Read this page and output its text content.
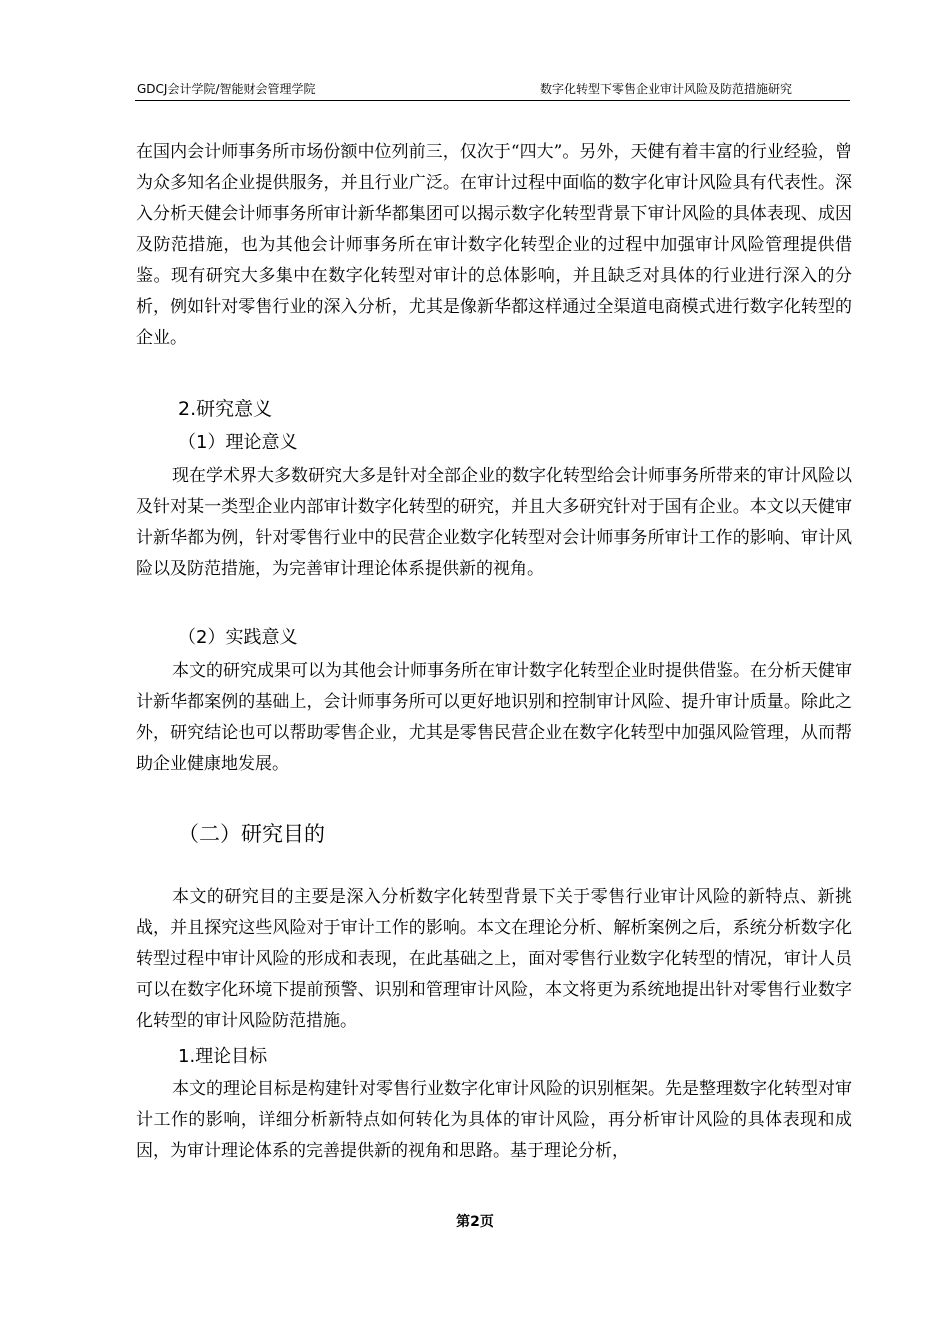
GDCJ会计学院/智能财会管理学院	数字化转型下零售企业审计风险及防范措施研究

在国内会计师事务所市场份额中位列前三，仅次于“四大”。另外，天健有着丰富的行业经验，曾为众多知名企业提供服务，并且行业广泛。在审计过程中面临的数字化审计风险具有代表性。深入分析天健会计师事务所审计新华都集团可以揭示数字化转型背景下审计风险的具体表现、成因及防范措施，也为其他会计师事务所在审计数字化转型企业的过程中加强审计风险管理提供借鉴。现有研究大多集中在数字化转型对审计的总体影响，并且缺乏对具体的行业进行深入的分析，例如针对零售行业的深入分析，尤其是像新华都这样通过全渠道电商模式进行数字化转型的企业。

2.研究意义
（1）理论意义

现在学术界大多数研究大多是针对全部企业的数字化转型给会计师事务所带来的审计风险以及针对某一类型企业内部审计数字化转型的研究，并且大多研究针对于国有企业。本文以天健审计新华都为例，针对零售行业中的民营企业数字化转型对会计师事务所审计工作的影响、审计风险以及防范措施，为完善审计理论体系提供新的视角。

（2）实践意义

本文的研究成果可以为其他会计师事务所在审计数字化转型企业时提供借鉴。在分析天健审计新华都案例的基础上，会计师事务所可以更好地识别和控制审计风险、提升审计质量。除此之外，研究结论也可以帮助零售企业，尤其是零售民营企业在数字化转型中加强风险管理，从而帮助企业健康地发展。

（二）研究目的

本文的研究目的主要是深入分析数字化转型背景下关于零售行业审计风险的新特点、新挑战，并且探究这些风险对于审计工作的影响。本文在理论分析、解析案例之后，系统分析数字化转型过程中审计风险的形成和表现，在此基础之上，面对零售行业数字化转型的情况，审计人员可以在数字化环境下提前预警、识别和管理审计风险，本文将更为系统地提出针对零售行业数字化转型的审计风险防范措施。

1.理论目标

本文的理论目标是构建针对零售行业数字化审计风险的识别框架。先是整理数字化转型对审计工作的影响，详细分析新特点如何转化为具体的审计风险，再分析审计风险的具体表现和成因，为审计理论体系的完善提供新的视角和思路。基于理论分析，

第2页
